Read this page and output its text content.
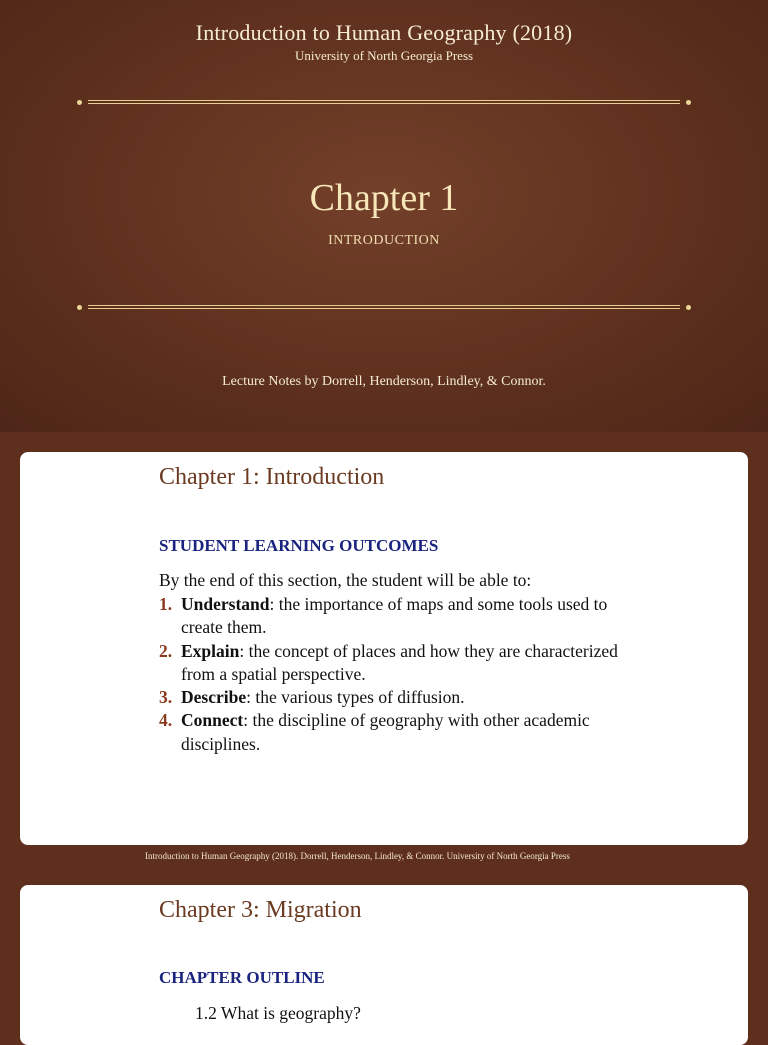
Introduction to Human Geography (2018)
University of North Georgia Press
Chapter 1
INTRODUCTION
Lecture Notes by Dorrell, Henderson, Lindley, & Connor.
Chapter 1: Introduction
STUDENT LEARNING OUTCOMES
By the end of this section, the student will be able to:
1. Understand: the importance of maps and some tools used to create them.
2. Explain: the concept of places and how they are characterized from a spatial perspective.
3. Describe: the various types of diffusion.
4. Connect: the discipline of geography with other academic disciplines.
Introduction to Human Geography (2018). Dorrell, Henderson, Lindley, & Connor. University of North Georgia Press
Chapter 3: Migration
CHAPTER OUTLINE
1.2 What is geography?
